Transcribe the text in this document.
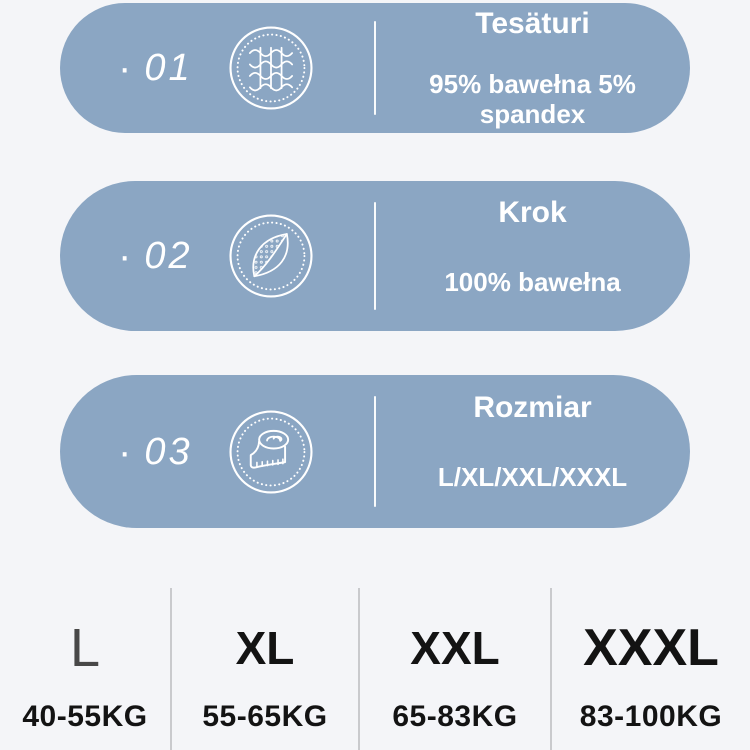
· 01
Tesäturi
95% bawełna 5% spandex
· 02
Krok
100% bawełna
· 03
Rozmiar
L/XL/XXL/XXXL
L
40-55KG
XL
55-65KG
XXL
65-83KG
XXXL
83-100KG
